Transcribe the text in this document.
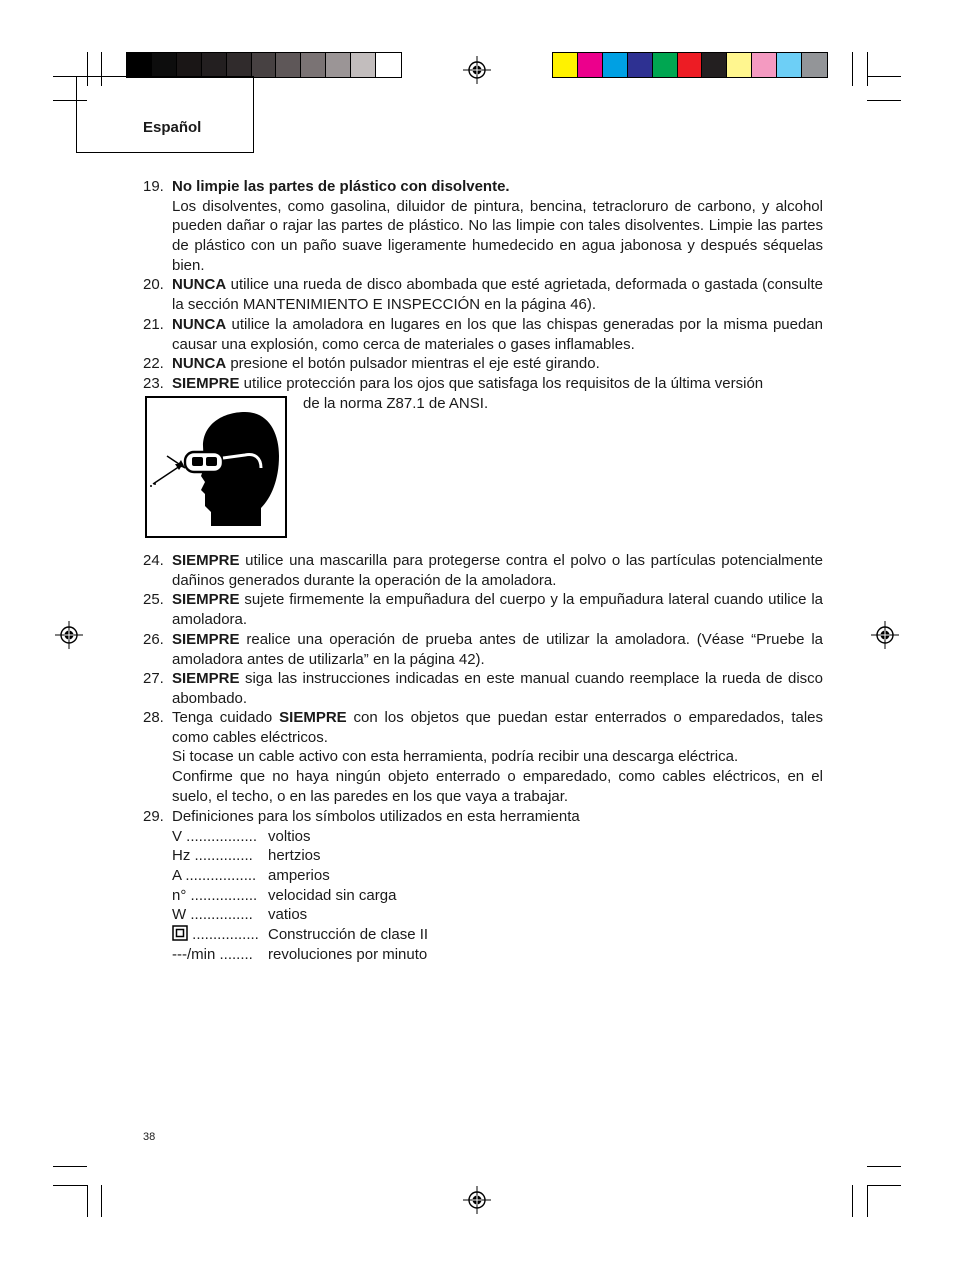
Español
19. No limpie las partes de plástico con disolvente.
Los disolventes, como gasolina, diluidor de pintura, bencina, tetracloruro de carbono, y alcohol pueden dañar o rajar las partes de plástico. No las limpie con tales disolventes. Limpie las partes de plástico con un paño suave ligeramente humedecido en agua jabonosa y después séquelas bien.
20. NUNCA utilice una rueda de disco abombada que esté agrietada, deformada o gastada (consulte la sección MANTENIMIENTO E INSPECCIÓN en la página 46).
21. NUNCA utilice la amoladora en lugares en los que las chispas generadas por la misma puedan causar una explosión, como cerca de materiales o gases inflamables.
22. NUNCA presione el botón pulsador mientras el eje esté girando.
23. SIEMPRE utilice protección para los ojos que satisfaga los requisitos de la última versión
de la norma Z87.1 de ANSI.
24. SIEMPRE utilice una mascarilla para protegerse contra el polvo o las partículas potencialmente dañinos generados durante la operación de la amoladora.
25. SIEMPRE sujete firmemente la empuñadura del cuerpo y la empuñadura lateral cuando utilice la amoladora.
26. SIEMPRE realice una operación de prueba antes de utilizar la amoladora. (Véase “Pruebe la amoladora antes de utilizarla” en la página 42).
27. SIEMPRE siga las instrucciones indicadas en este manual cuando reemplace la rueda de disco abombado.
28. Tenga cuidado SIEMPRE con los objetos que puedan estar enterrados o emparedados, tales como cables eléctricos.
Si tocase un cable activo con esta herramienta, podría recibir una descarga eléctrica.
Confirme que no haya ningún objeto enterrado o emparedado, como cables eléctricos, en el suelo, el techo, o en las paredes en los que vaya a trabajar.
29. Definiciones para los símbolos utilizados en esta herramienta
V ................. voltios
Hz .............. hertzios
A ................. amperios
n° ................ velocidad sin carga
W ............... vatios
................ Construcción de clase II
---/min ........ revoluciones por minuto
38
